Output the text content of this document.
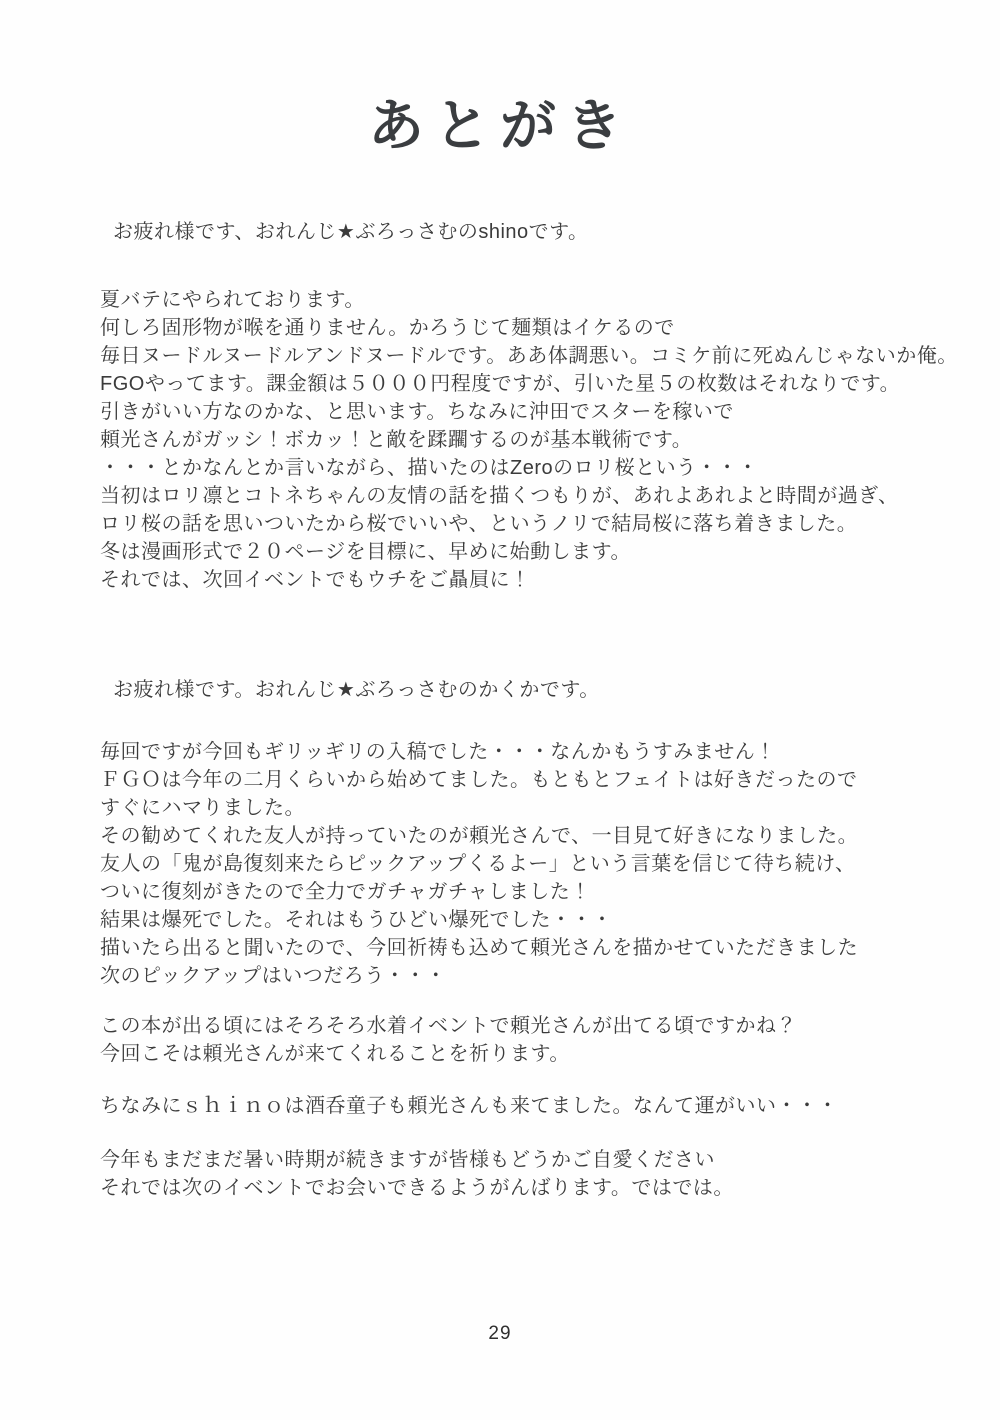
あとがき
お疲れ様です、おれんじ★ぶろっさむのshinoです。
夏バテにやられております。
何しろ固形物が喉を通りません。かろうじて麺類はイケるので
毎日ヌードルヌードルアンドヌードルです。ああ体調悪い。コミケ前に死ぬんじゃないか俺。
FGOやってます。課金額は５０００円程度ですが、引いた星５の枚数はそれなりです。
引きがいい方なのかな、と思います。ちなみに沖田でスターを稼いで
頼光さんがガッシ！ボカッ！と敵を蹂躙するのが基本戦術です。
・・・とかなんとか言いながら、描いたのはZeroのロリ桜という・・・
当初はロリ凛とコトネちゃんの友情の話を描くつもりが、あれよあれよと時間が過ぎ、
ロリ桜の話を思いついたから桜でいいや、というノリで結局桜に落ち着きました。
冬は漫画形式で２０ページを目標に、早めに始動します。
それでは、次回イベントでもウチをご贔屓に！
お疲れ様です。おれんじ★ぶろっさむのかくかです。
毎回ですが今回もギリッギリの入稿でした・・・なんかもうすみません！
ＦＧＯは今年の二月くらいから始めてました。もともとフェイトは好きだったので
すぐにハマりました。
その勧めてくれた友人が持っていたのが頼光さんで、一目見て好きになりました。
友人の「鬼が島復刻来たらピックアップくるよー」という言葉を信じて待ち続け、
ついに復刻がきたので全力でガチャガチャしました！
結果は爆死でした。それはもうひどい爆死でした・・・
描いたら出ると聞いたので、今回祈祷も込めて頼光さんを描かせていただきました
次のピックアップはいつだろう・・・
この本が出る頃にはそろそろ水着イベントで頼光さんが出てる頃ですかね？
今回こそは頼光さんが来てくれることを祈ります。
ちなみにｓｈｉｎｏは酒呑童子も頼光さんも来てました。なんて運がいい・・・
今年もまだまだ暑い時期が続きますが皆様もどうかご自愛ください
それでは次のイベントでお会いできるようがんばります。ではでは。
29
